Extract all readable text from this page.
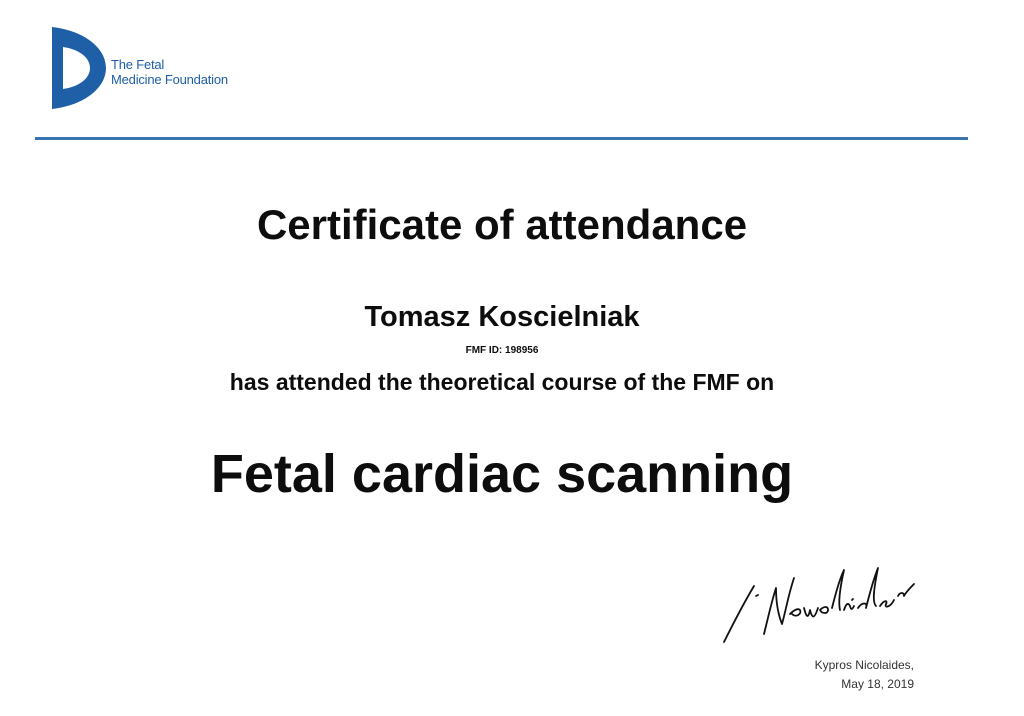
The Fetal
Medicine Foundation
Certificate of attendance
Tomasz Koscielniak
FMF ID: 198956
has attended the theoretical course of the FMF on
Fetal cardiac scanning
Kypros Nicolaides,
May 18, 2019
